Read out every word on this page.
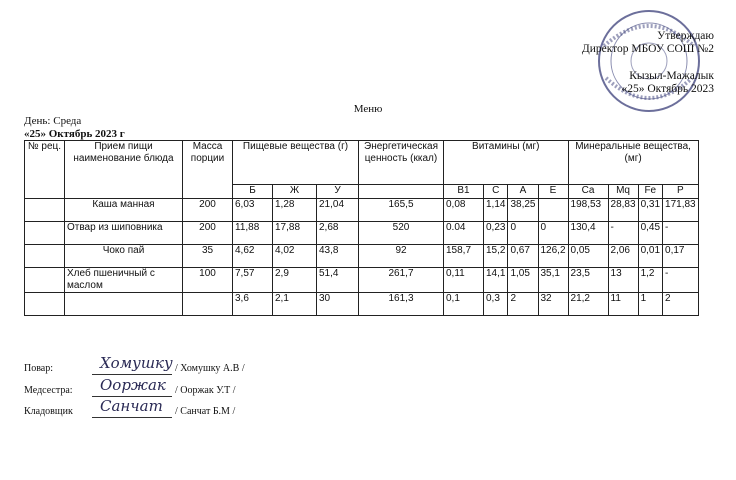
Утверждаю
Директор МБОУ СОШ №2
Кызыл-Мажалык
«25» Октябрь 2023
Меню
День: Среда
«25» Октябрь 2023 г
№ рец.	Прием пищи наименование блюда	Масса порции	Пищевые вещества (г)			Энергетическая ценность (ккал)	Витамины (мг)				Минеральные вещества, (мг)			
			Б	Ж	У		B1	С	А	Е	Са	Mq	Fe	P
	Каша манная	200	6,03	1,28	21,04	165,5	0,08	1,14	38,25		198,53	28,83	0,31	171,83
	Отвар из шиповника	200	11,88	17,88	2,68	520	0.04	0,23	0	0	130,4	-	0,45	-
	Чоко пай	35	4,62	4,02	43,8	92	158,7	15,2	0,67	126,2	0,05	2,06	0,01	0,17
	Хлеб пшеничный с маслом	100	7,57	2,9	51,4	261,7	0,11	14,1	1,05	35,1	23,5	13	1,2	-
			3,6	2,1	30	161,3	0,1	0,3	2	32	21,2	11	1	2
Повар:	Хомушку / Хомушку А.В /
Медсестра: Ооржак / Ооржак У.Т /
Кладовщик Санчат / Санчат Б.М /
